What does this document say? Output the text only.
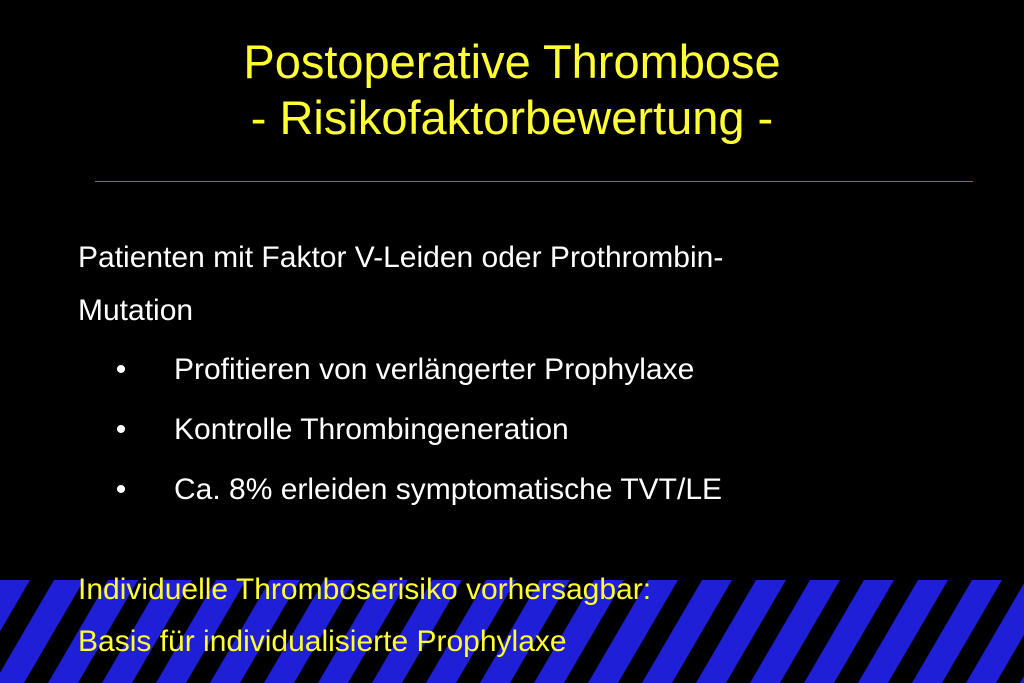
Postoperative Thrombose
- Risikofaktorbewertung -
Patienten mit Faktor V-Leiden oder Prothrombin-
Mutation
•	Profitieren von verlängerter Prophylaxe
•	Kontrolle Thrombingeneration
•	Ca. 8% erleiden symptomatische TVT/LE
Individuelle Thromboserisiko vorhersagbar:
Basis für individualisierte Prophylaxe
